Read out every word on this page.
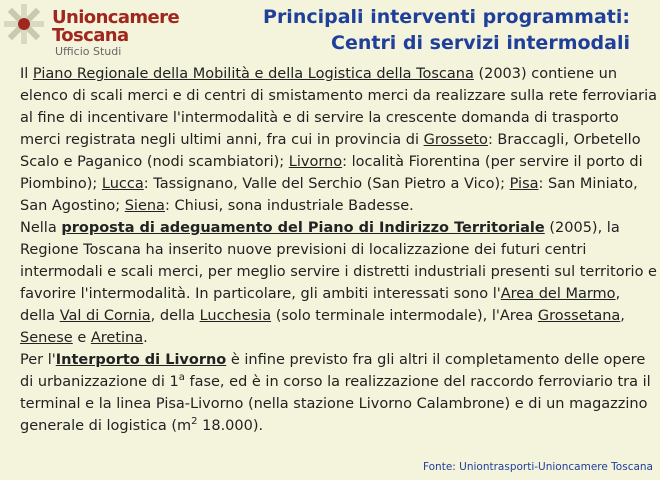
Unioncamere
Toscana
Ufficio Studi
Principali interventi programmati:
Centri di servizi intermodali

Il Piano Regionale della Mobilità e della Logistica della Toscana (2003) contiene un elenco di scali merci e di centri di smistamento merci da realizzare sulla rete ferroviaria al fine di incentivare l'intermodalità e di servire la crescente domanda di trasporto merci registrata negli ultimi anni, fra cui in provincia di Grosseto: Braccagli, Orbetello Scalo e Paganico (nodi scambiatori); Livorno: località Fiorentina (per servire il porto di Piombino); Lucca: Tassignano, Valle del Serchio (San Pietro a Vico); Pisa: San Miniato, San Agostino; Siena: Chiusi, sona industriale Badesse.

Nella proposta di adeguamento del Piano di Indirizzo Territoriale (2005), la Regione Toscana ha inserito nuove previsioni di localizzazione dei futuri centri intermodali e scali merci, per meglio servire i distretti industriali presenti sul territorio e favorire l'intermodalità. In particolare, gli ambiti interessati sono l'Area del Marmo, della Val di Cornia, della Lucchesia (solo terminale intermodale), l'Area Grossetana, Senese e Aretina.

Per l'Interporto di Livorno è infine previsto fra gli altri il completamento delle opere di urbanizzazione di 1$^a$ fase, ed è in corso la realizzazione del raccordo ferroviario tra il terminal e la linea Pisa-Livorno (nella stazione Livorno Calambrone) e di un magazzino generale di logistica ($m^2$ 18.000).

Fonte: Uniontrasporti-Unioncamere Toscana
